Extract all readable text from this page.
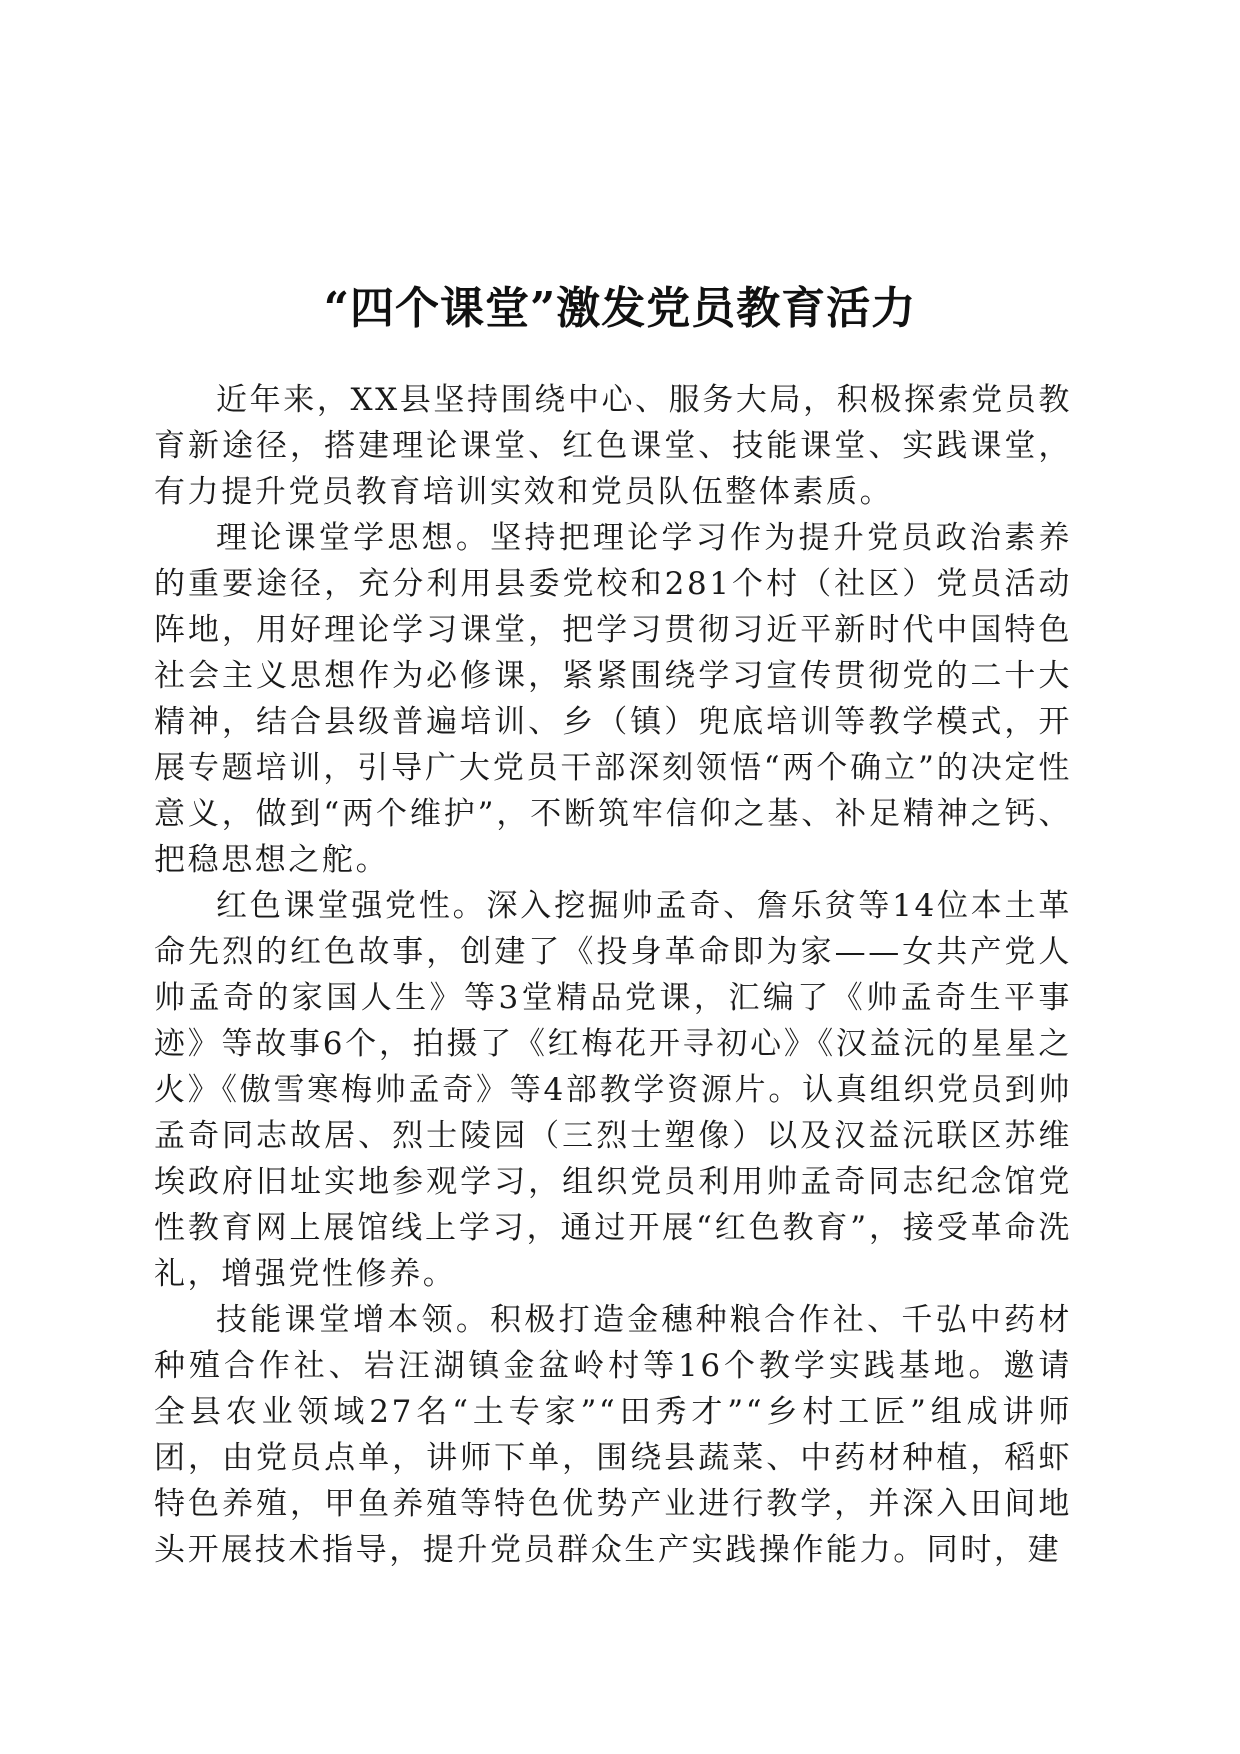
“四个课堂”激发党员教育活力

近年来，XX县坚持围绕中心、服务大局，积极探索党员教育新途径，搭建理论课堂、红色课堂、技能课堂、实践课堂，有力提升党员教育培训实效和党员队伍整体素质。

理论课堂学思想。坚持把理论学习作为提升党员政治素养的重要途径，充分利用县委党校和281个村（社区）党员活动阵地，用好理论学习课堂，把学习贯彻习近平新时代中国特色社会主义思想作为必修课，紧紧围绕学习宣传贯彻党的二十大精神，结合县级普遍培训、乡（镇）兜底培训等教学模式，开展专题培训，引导广大党员干部深刻领悟“两个确立”的决定性意义，做到“两个维护”，不断筑牢信仰之基、补足精神之钙、把稳思想之舵。

红色课堂强党性。深入挖掘帅孟奇、詹乐贫等14位本土革命先烈的红色故事，创建了《投身革命即为家——女共产党人帅孟奇的家国人生》等3堂精品党课，汇编了《帅孟奇生平事迹》等故事6个，拍摄了《红梅花开寻初心》《汉益沅的星星之火》《傲雪寒梅帅孟奇》等4部教学资源片。认真组织党员到帅孟奇同志故居、烈士陵园（三烈士塑像）以及汉益沅联区苏维埃政府旧址实地参观学习，组织党员利用帅孟奇同志纪念馆党性教育网上展馆线上学习，通过开展“红色教育”，接受革命洗礼，增强党性修养。

技能课堂增本领。积极打造金穗种粮合作社、千弘中药材种殖合作社、岩汪湖镇金盆岭村等16个教学实践基地。邀请全县农业领域27名“土专家”“田秀才”“乡村工匠”组成讲师团，由党员点单，讲师下单，围绕县蔬菜、中药材种植，稻虾特色养殖，甲鱼养殖等特色优势产业进行教学，并深入田间地头开展技术指导，提升党员群众生产实践操作能力。同时，建
